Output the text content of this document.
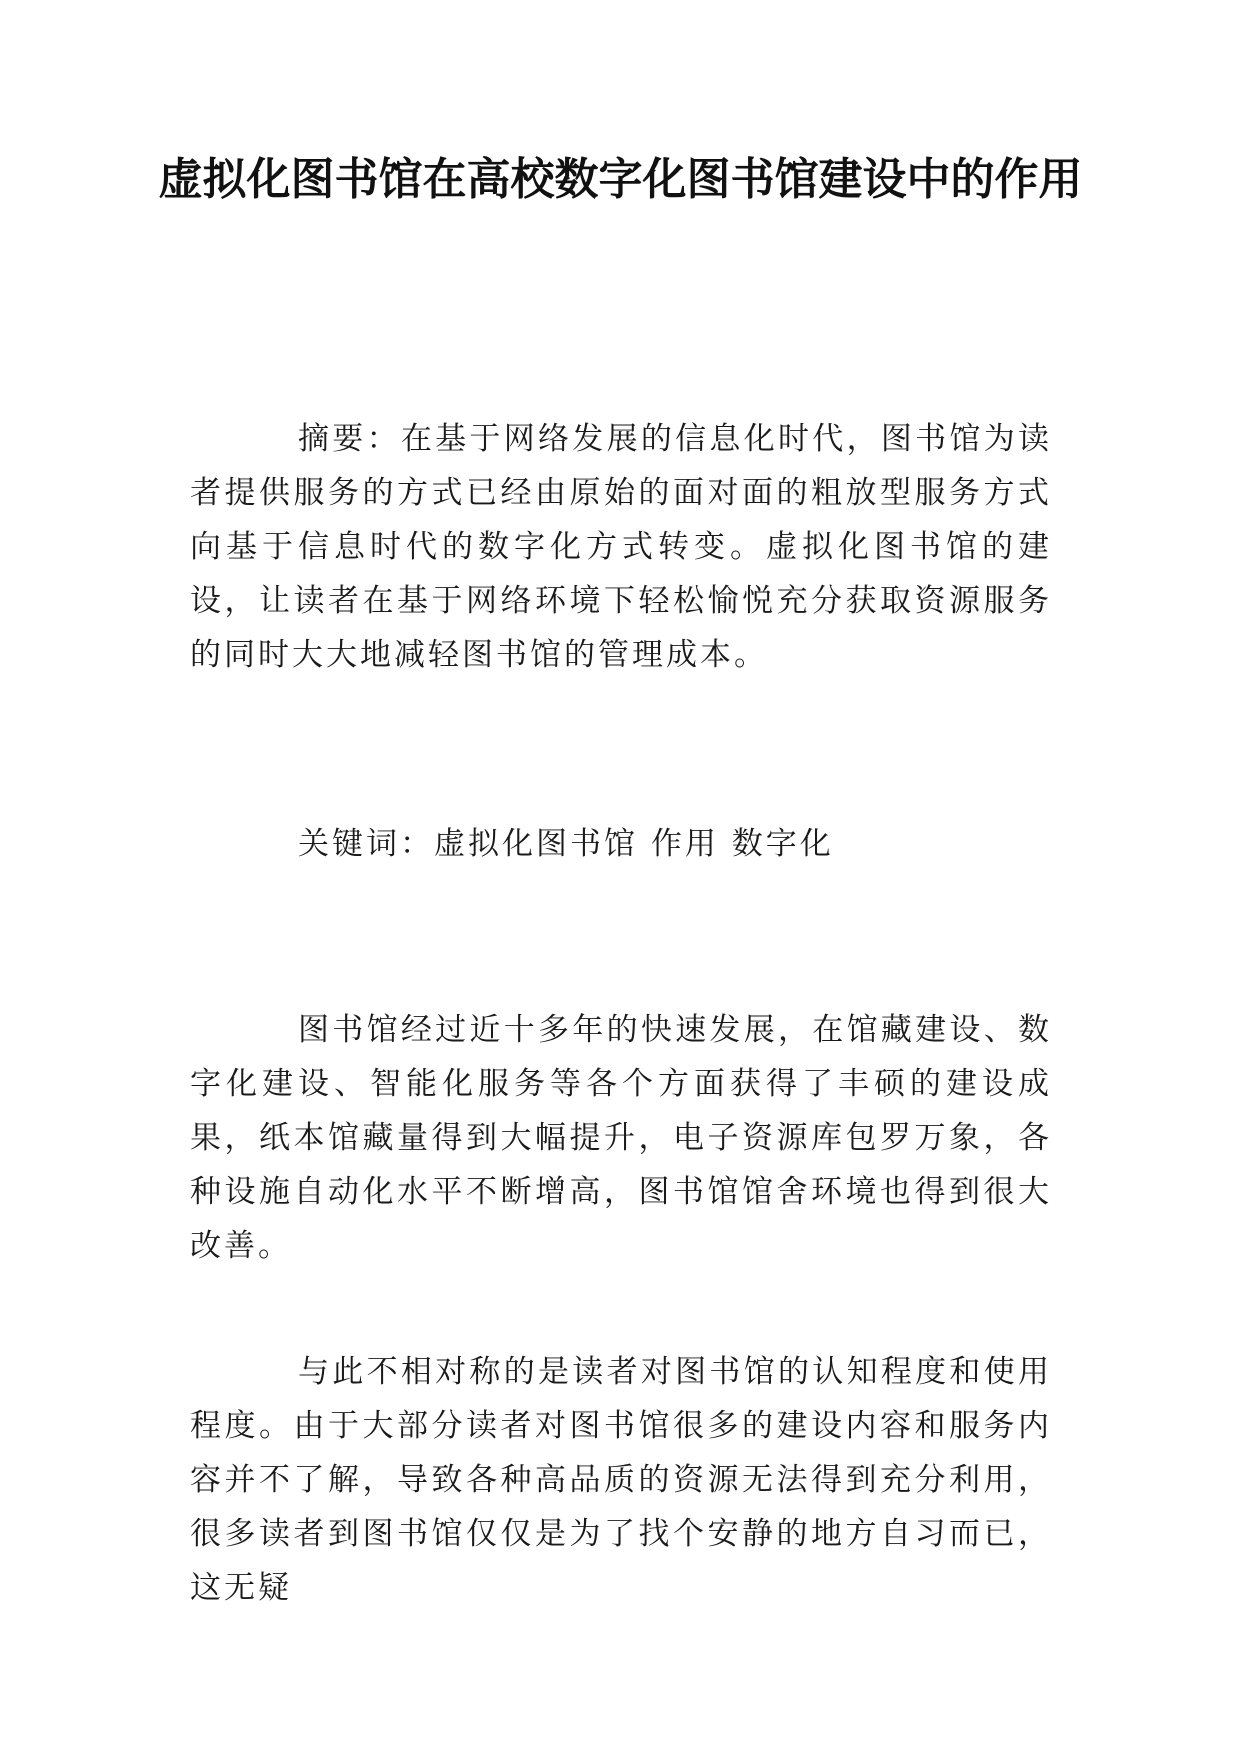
虚拟化图书馆在高校数字化图书馆建设中的作用

摘要：在基于网络发展的信息化时代，图书馆为读者提供服务的方式已经由原始的面对面的粗放型服务方式向基于信息时代的数字化方式转变。虚拟化图书馆的建设，让读者在基于网络环境下轻松愉悦充分获取资源服务的同时大大地减轻图书馆的管理成本。

关键词：虚拟化图书馆 作用 数字化

图书馆经过近十多年的快速发展，在馆藏建设、数字化建设、智能化服务等各个方面获得了丰硕的建设成果，纸本馆藏量得到大幅提升，电子资源库包罗万象，各种设施自动化水平不断增高，图书馆馆舍环境也得到很大改善。

与此不相对称的是读者对图书馆的认知程度和使用程度。由于大部分读者对图书馆很多的建设内容和服务内容并不了解，导致各种高品质的资源无法得到充分利用，很多读者到图书馆仅仅是为了找个安静的地方自习而已，这无疑
